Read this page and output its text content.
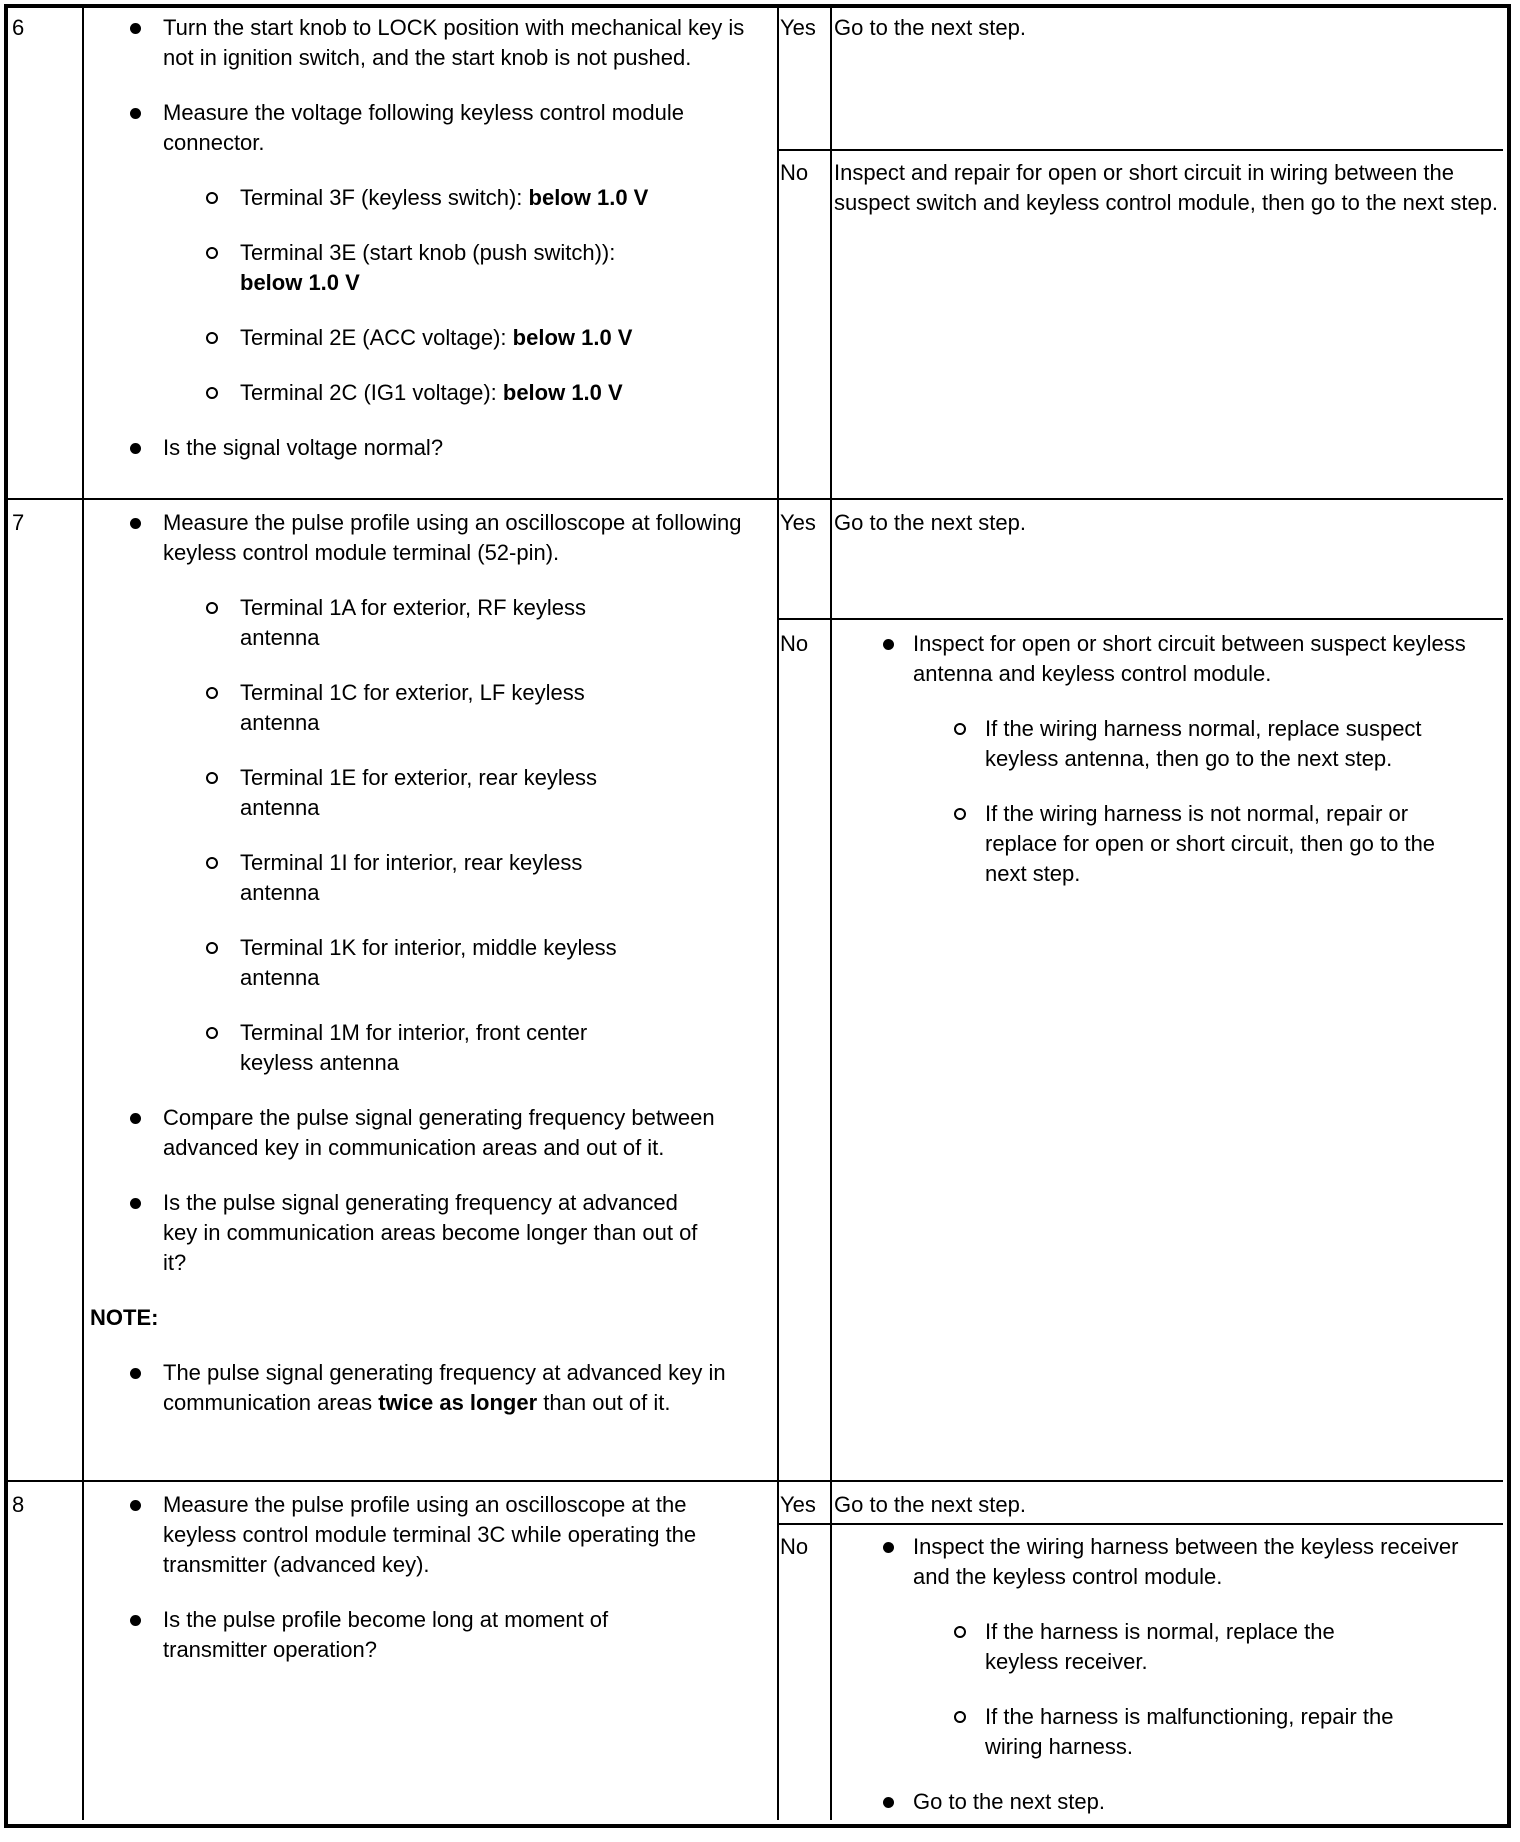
6	Turn the start knob to LOCK position with mechanical key is not in ignition switch, and the start knob is not pushed.
Measure the voltage following keyless control module connector.
Terminal 3F (keyless switch): below 1.0 V
Terminal 3E (start knob (push switch)):
below 1.0 V
Terminal 2E (ACC voltage): below 1.0 V
Terminal 2C (IG1 voltage): below 1.0 V
Is the signal voltage normal?
Yes Go to the next step.
No Inspect and repair for open or short circuit in wiring between the suspect switch and keyless control module, then go to the next step.
7	Measure the pulse profile using an oscilloscope at following keyless control module terminal (52-pin).
Terminal 1A for exterior, RF keyless antenna
Terminal 1C for exterior, LF keyless antenna
Terminal 1E for exterior, rear keyless antenna
Terminal 1I for interior, rear keyless antenna
Terminal 1K for interior, middle keyless antenna
Terminal 1M for interior, front center keyless antenna
Compare the pulse signal generating frequency between advanced key in communication areas and out of it.
Is the pulse signal generating frequency at advanced key in communication areas become longer than out of it?
NOTE:
The pulse signal generating frequency at advanced key in communication areas twice as longer than out of it.
Yes Go to the next step.
No	Inspect for open or short circuit between suspect keyless antenna and keyless control module.
If the wiring harness normal, replace suspect keyless antenna, then go to the next step.
If the wiring harness is not normal, repair or replace for open or short circuit, then go to the next step.
8	Measure the pulse profile using an oscilloscope at the keyless control module terminal 3C while operating the transmitter (advanced key).
Is the pulse profile become long at moment of transmitter operation?
Yes Go to the next step.
No	Inspect the wiring harness between the keyless receiver and the keyless control module.
If the harness is normal, replace the keyless receiver.
If the harness is malfunctioning, repair the wiring harness.
Go to the next step.
